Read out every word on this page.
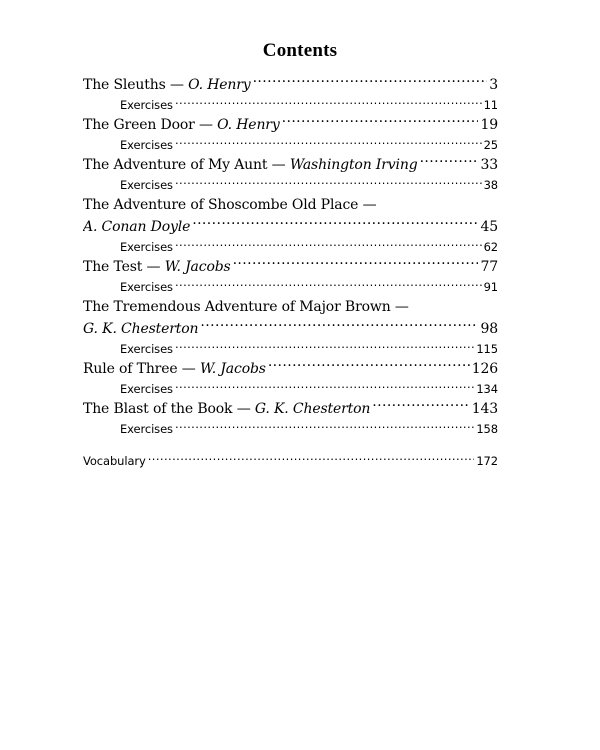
Contents
The Sleuths — O. Henry .....	3
Exercises .....	11
The Green Door — O. Henry .....	19
Exercises .....	25
The Adventure of My Aunt — Washington Irving .....	33
Exercises .....	38
The Adventure of Shoscombe Old Place —
A. Conan Doyle .....	45
Exercises .....	62
The Test — W. Jacobs .....	77
Exercises .....	91
The Tremendous Adventure of Major Brown —
G. K. Chesterton .....	98
Exercises .....	115
Rule of Three — W. Jacobs .....	126
Exercises .....	134
The Blast of the Book — G. K. Chesterton .....	143
Exercises .....	158
Vocabulary .....	172
